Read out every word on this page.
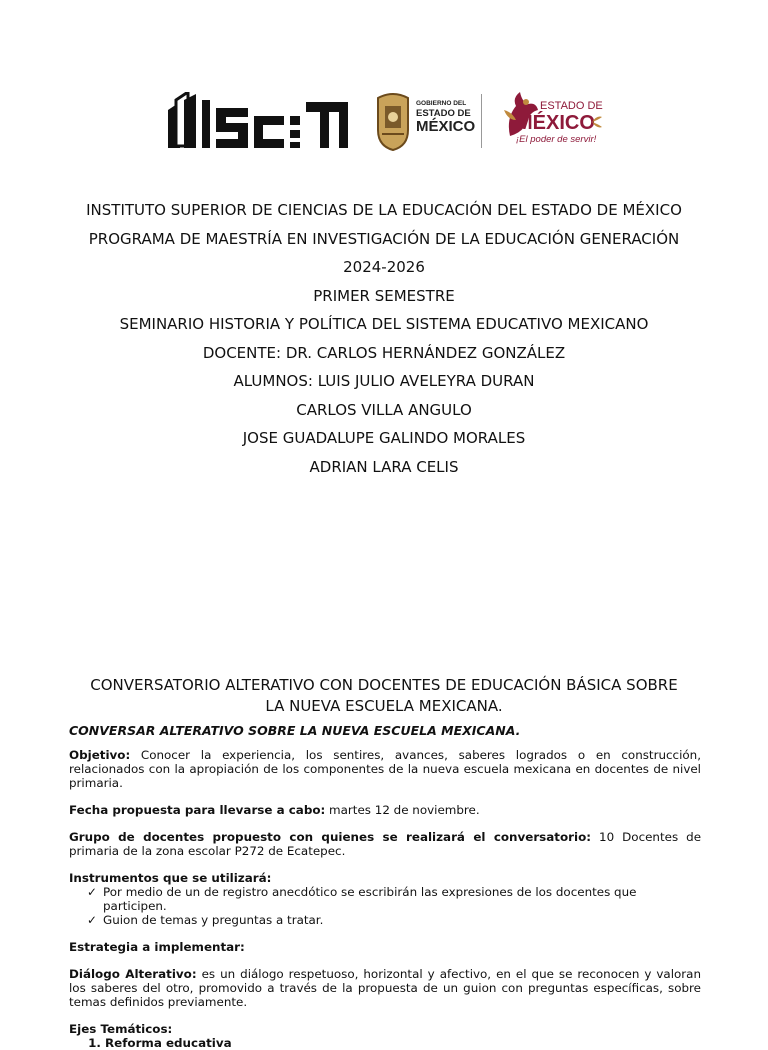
GOBIERNO DEL
ESTADO DE
MÉXICO
ESTADO DE
MÉXICO
¡El poder de servir!
INSTITUTO SUPERIOR DE CIENCIAS DE LA EDUCACIÓN DEL ESTADO DE MÉXICO
PROGRAMA DE MAESTRÍA EN INVESTIGACIÓN DE LA EDUCACIÓN GENERACIÓN
2024-2026
PRIMER SEMESTRE
SEMINARIO HISTORIA Y POLÍTICA DEL SISTEMA EDUCATIVO MEXICANO
DOCENTE: DR. CARLOS HERNÁNDEZ GONZÁLEZ
ALUMNOS: LUIS JULIO AVELEYRA DURAN
CARLOS VILLA ANGULO
JOSE GUADALUPE GALINDO MORALES
ADRIAN LARA CELIS
CONVERSATORIO ALTERATIVO CON DOCENTES DE EDUCACIÓN BÁSICA SOBRE
LA NUEVA ESCUELA MEXICANA.
CONVERSAR ALTERATIVO SOBRE LA NUEVA ESCUELA MEXICANA.

Objetivo: Conocer la experiencia, los sentires, avances, saberes logrados o en construcción, relacionados con la apropiación de los componentes de la nueva escuela mexicana en docentes de nivel primaria.

Fecha propuesta para llevarse a cabo: martes 12 de noviembre.

Grupo de docentes propuesto con quienes se realizará el conversatorio: 10 Docentes de primaria de la zona escolar P272 de Ecatepec.

Instrumentos que se utilizará:

✓ Por medio de un de registro anecdótico se escribirán las expresiones de los docentes que participen.
✓ Guion de temas y preguntas a tratar.

Estrategia a implementar:

Diálogo Alterativo: es un diálogo respetuoso, horizontal y afectivo, en el que se reconocen y valoran los saberes del otro, promovido a través de la propuesta de un guion con preguntas específicas, sobre temas definidos previamente.

Ejes Temáticos:

1. Reforma educativa
